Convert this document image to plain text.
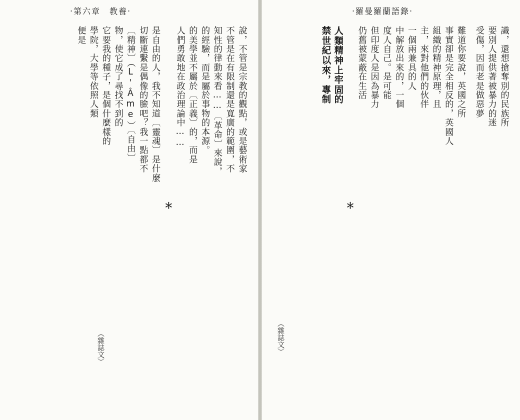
·第六章　教養·
說，不管是宗教的觀點，或是藝術家
不管是在有限制還是寬廣的範圍，不
知性的律動來看……〔革命〕來說，
的經驗，而是屬於事物的本源。
的美學並不屬於〔正義〕的，而是
人們勇敢地在政治理論中……
＊
是自由的人，我不知道〔靈魂〕是什麼
切斷連繫是偶像的臉吧？我一點都不
〔精神〕（L'Âme）〔自由〕
物，使它成了尋找不到的
它要我的種子，是個什麼樣的
學院，大學等依照人類
便是
（雜誌文）
·羅曼羅蘭語錄·
識，還想搶奪別的民族所
要別人提供著被暴力的迷
受傷，因而老是做惡夢
難道你要說，英國之所
事實卻是完全相反的，英國人
組織的精神原理，且
主，來對他們的伙伴
一個兩兼具的人
中解放出來的，一個
度人自己。是可能
但印度人是因為暴力
仍舊被蒙蔽在生活
＊
人類精神上牢固的
禁世紀以來，專制
（雜誌文）
